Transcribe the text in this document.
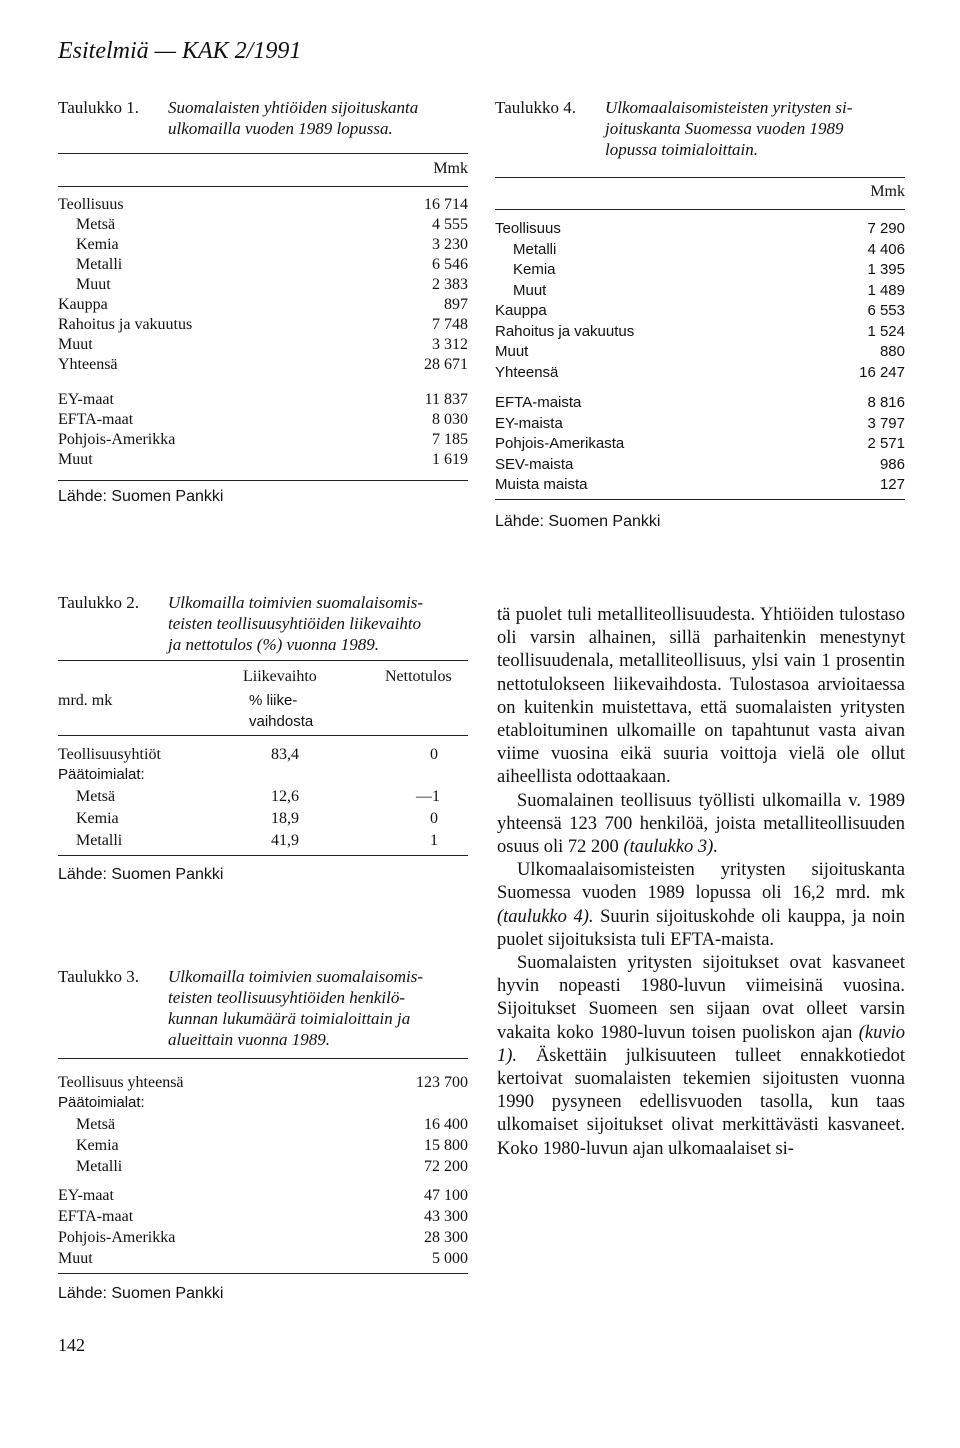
Esitelmiä — KAK 2/1991
Taulukko 1. Suomalaisten yhtiöiden sijoituskanta
ulkomailla vuoden 1989 lopussa.
Mmk
Teollisuus	16 714
Metsä	4 555
Kemia	3 230
Metalli	6 546
Muut	2 383
Kauppa	897
Rahoitus ja vakuutus	7 748
Muut	3 312
Yhteensä	28 671
EY-maat	11 837
EFTA-maat	8 030
Pohjois-Amerikka	7 185
Muut	1 619
Lähde: Suomen Pankki
Taulukko 4. Ulkomaalaisomisteisten yritysten si-
joituskanta Suomessa vuoden 1989
lopussa toimialoittain.
Mmk
Teollisuus	7 290
Metalli	4 406
Kemia	1 395
Muut	1 489
Kauppa	6 553
Rahoitus ja vakuutus	1 524
Muut	880
Yhteensä	16 247
EFTA-maista	8 816
EY-maista	3 797
Pohjois-Amerikasta	2 571
SEV-maista	986
Muista maista	127
Lähde: Suomen Pankki
Taulukko 2. Ulkomailla toimivien suomalaisomis-
teisten teollisuusyhtiöiden liikevaihto
ja nettotulos (%) vuonna 1989.
mrd. mk
Liikevaihto	Nettotulos
% liike-
vaihdosta
Teollisuusyhtiöt	83,4	0
Päätoimialat:
Metsä	12,6	—1
Kemia	18,9	0
Metalli	41,9	1
Lähde: Suomen Pankki
Taulukko 3. Ulkomailla toimivien suomalaisomis-
teisten teollisuusyhtiöiden henkilö-
kunnan lukumäärä toimialoittain ja
alueittain vuonna 1989.
Teollisuus yhteensä	123 700
Päätoimialat:
Metsä	16 400
Kemia	15 800
Metalli	72 200
EY-maat	47 100
EFTA-maat	43 300
Pohjois-Amerikka	28 300
Muut	5 000
Lähde: Suomen Pankki

tä puolet tuli metalliteollisuudesta. Yhtiöiden tulostaso oli varsin alhainen, sillä parhaitenkin menestynyt teollisuudenala, metalliteollisuus, ylsi vain 1 prosentin nettotulokseen liikevaihdosta. Tulostasoa arvioitaessa on kuitenkin muistettava, että suomalaisten yritysten etabloituminen ulkomaille on tapahtunut vasta aivan viime vuosina eikä suuria voittoja vielä ole ollut aiheellista odottaakaan.

Suomalainen teollisuus työllisti ulkomailla v. 1989 yhteensä 123 700 henkilöä, joista metalliteollisuuden osuus oli 72 200 (taulukko 3).

Ulkomaalaisomisteisten yritysten sijoituskanta Suomessa vuoden 1989 lopussa oli 16,2 mrd. mk (taulukko 4). Suurin sijoituskohde oli kauppa, ja noin puolet sijoituksista tuli EFTA-maista.

Suomalaisten yritysten sijoitukset ovat kasvaneet hyvin nopeasti 1980-luvun viimeisinä vuosina. Sijoitukset Suomeen sen sijaan ovat olleet varsin vakaita koko 1980-luvun toisen puoliskon ajan (kuvio 1). Äskettäin julkisuuteen tulleet ennakkotiedot kertoivat suomalaisten tekemien sijoitusten vuonna 1990 pysyneen edellisvuoden tasolla, kun taas ulkomaiset sijoitukset olivat merkittävästi kasvaneet. Koko 1980-luvun ajan ulkomaalaiset si-

142
